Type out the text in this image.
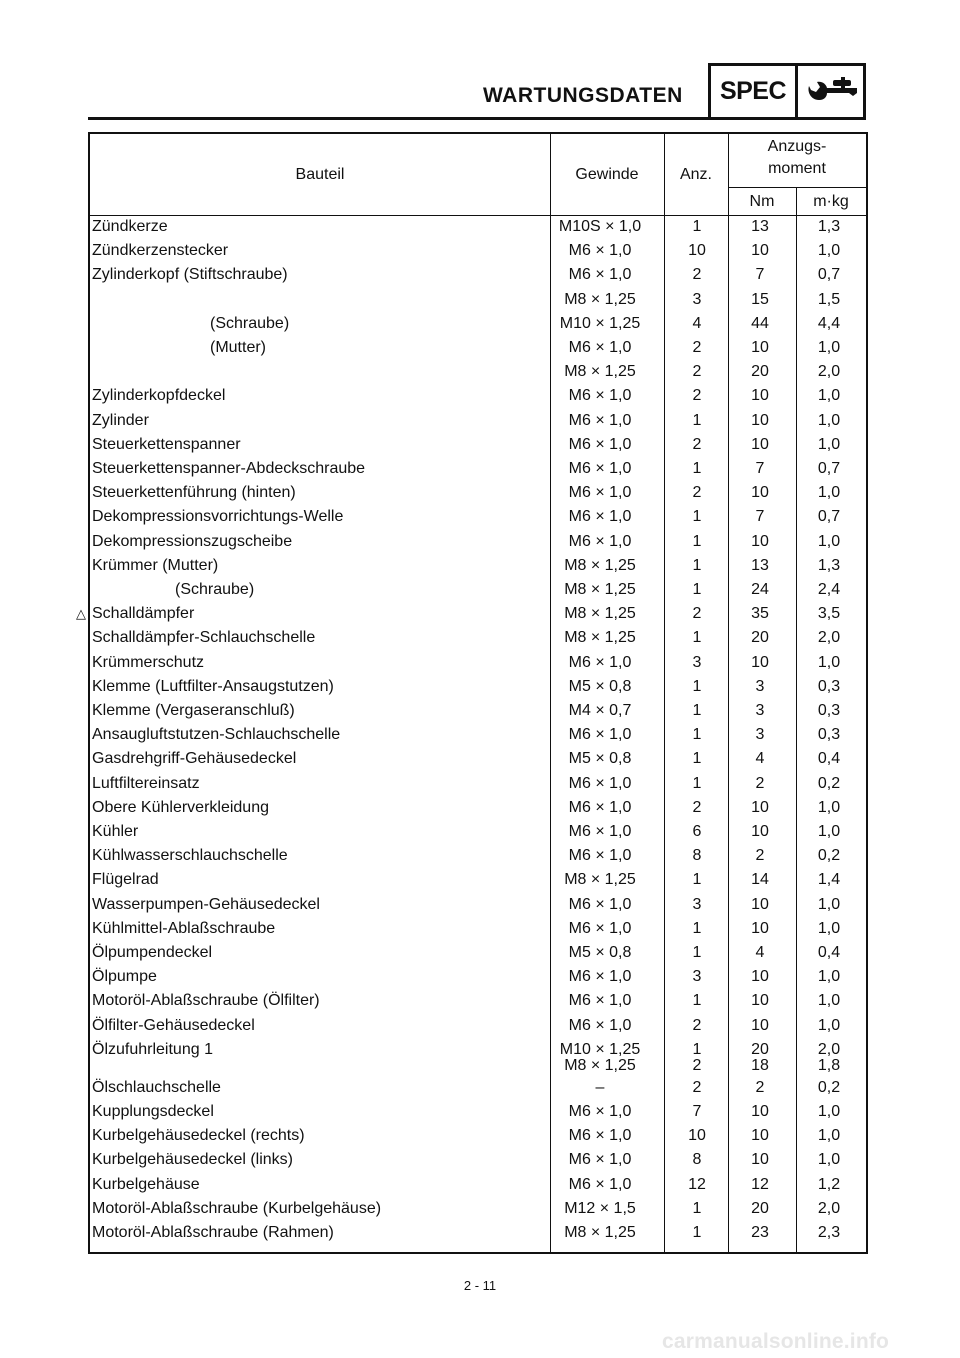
WARTUNGSDATEN	SPEC
Bauteil	Gewinde	Anz.
Anzugs-
moment
Nm	m·kg
Zündkerze	M10S × 1,0	1	13	1,3
Zündkerzenstecker	M6 × 1,0	10	10	1,0
Zylinderkopf (Stiftschraube)	M6 × 1,0	2	7	0,7
M8 × 1,25	3	15	1,5
(Schraube)	M10 × 1,25	4	44	4,4
(Mutter)	M6 × 1,0	2	10	1,0
M8 × 1,25	2	20	2,0
Zylinderkopfdeckel	M6 × 1,0	2	10	1,0
Zylinder	M6 × 1,0	1	10	1,0
Steuerkettenspanner	M6 × 1,0	2	10	1,0
Steuerkettenspanner-Abdeckschraube	M6 × 1,0	1	7	0,7
Steuerkettenführung (hinten)	M6 × 1,0	2	10	1,0
Dekompressionsvorrichtungs-Welle	M6 × 1,0	1	7	0,7
Dekompressionszugscheibe	M6 × 1,0	1	10	1,0
Krümmer (Mutter)	M8 × 1,25	1	13	1,3
(Schraube)	M8 × 1,25	1	24	2,4
Schalldämpfer	M8 × 1,25	2	35	3,5
Schalldämpfer-Schlauchschelle	M8 × 1,25	1	20	2,0
Krümmerschutz	M6 × 1,0	3	10	1,0
Klemme (Luftfilter-Ansaugstutzen)	M5 × 0,8	1	3	0,3
Klemme (Vergaseranschluß)	M4 × 0,7	1	3	0,3
Ansaugluftstutzen-Schlauchschelle	M6 × 1,0	1	3	0,3
Gasdrehgriff-Gehäusedeckel	M5 × 0,8	1	4	0,4
Luftfiltereinsatz	M6 × 1,0	1	2	0,2
Obere Kühlerverkleidung	M6 × 1,0	2	10	1,0
Kühler	M6 × 1,0	6	10	1,0
Kühlwasserschlauchschelle	M6 × 1,0	8	2	0,2
Flügelrad	M8 × 1,25	1	14	1,4
Wasserpumpen-Gehäusedeckel	M6 × 1,0	3	10	1,0
Kühlmittel-Ablaßschraube	M6 × 1,0	1	10	1,0
Ölpumpendeckel	M5 × 0,8	1	4	0,4
Ölpumpe	M6 × 1,0	3	10	1,0
Motoröl-Ablaßschraube (Ölfilter)	M6 × 1,0	1	10	1,0
Ölfilter-Gehäusedeckel	M6 × 1,0	2	10	1,0
Ölzufuhrleitung 1	M10 × 1,25	1	20	2,0
M8 × 1,25	2	18	1,8
Ölschlauchschelle	–	2	2	0,2
Kupplungsdeckel	M6 × 1,0	7	10	1,0
Kurbelgehäusedeckel (rechts)	M6 × 1,0	10	10	1,0
Kurbelgehäusedeckel (links)	M6 × 1,0	8	10	1,0
Kurbelgehäuse	M6 × 1,0	12	12	1,2
Motoröl-Ablaßschraube (Kurbelgehäuse)	M12 × 1,5	1	20	2,0
Motoröl-Ablaßschraube (Rahmen)	M8 × 1,25	1	23	2,3
2 - 11
carmanualsonline.info
△
